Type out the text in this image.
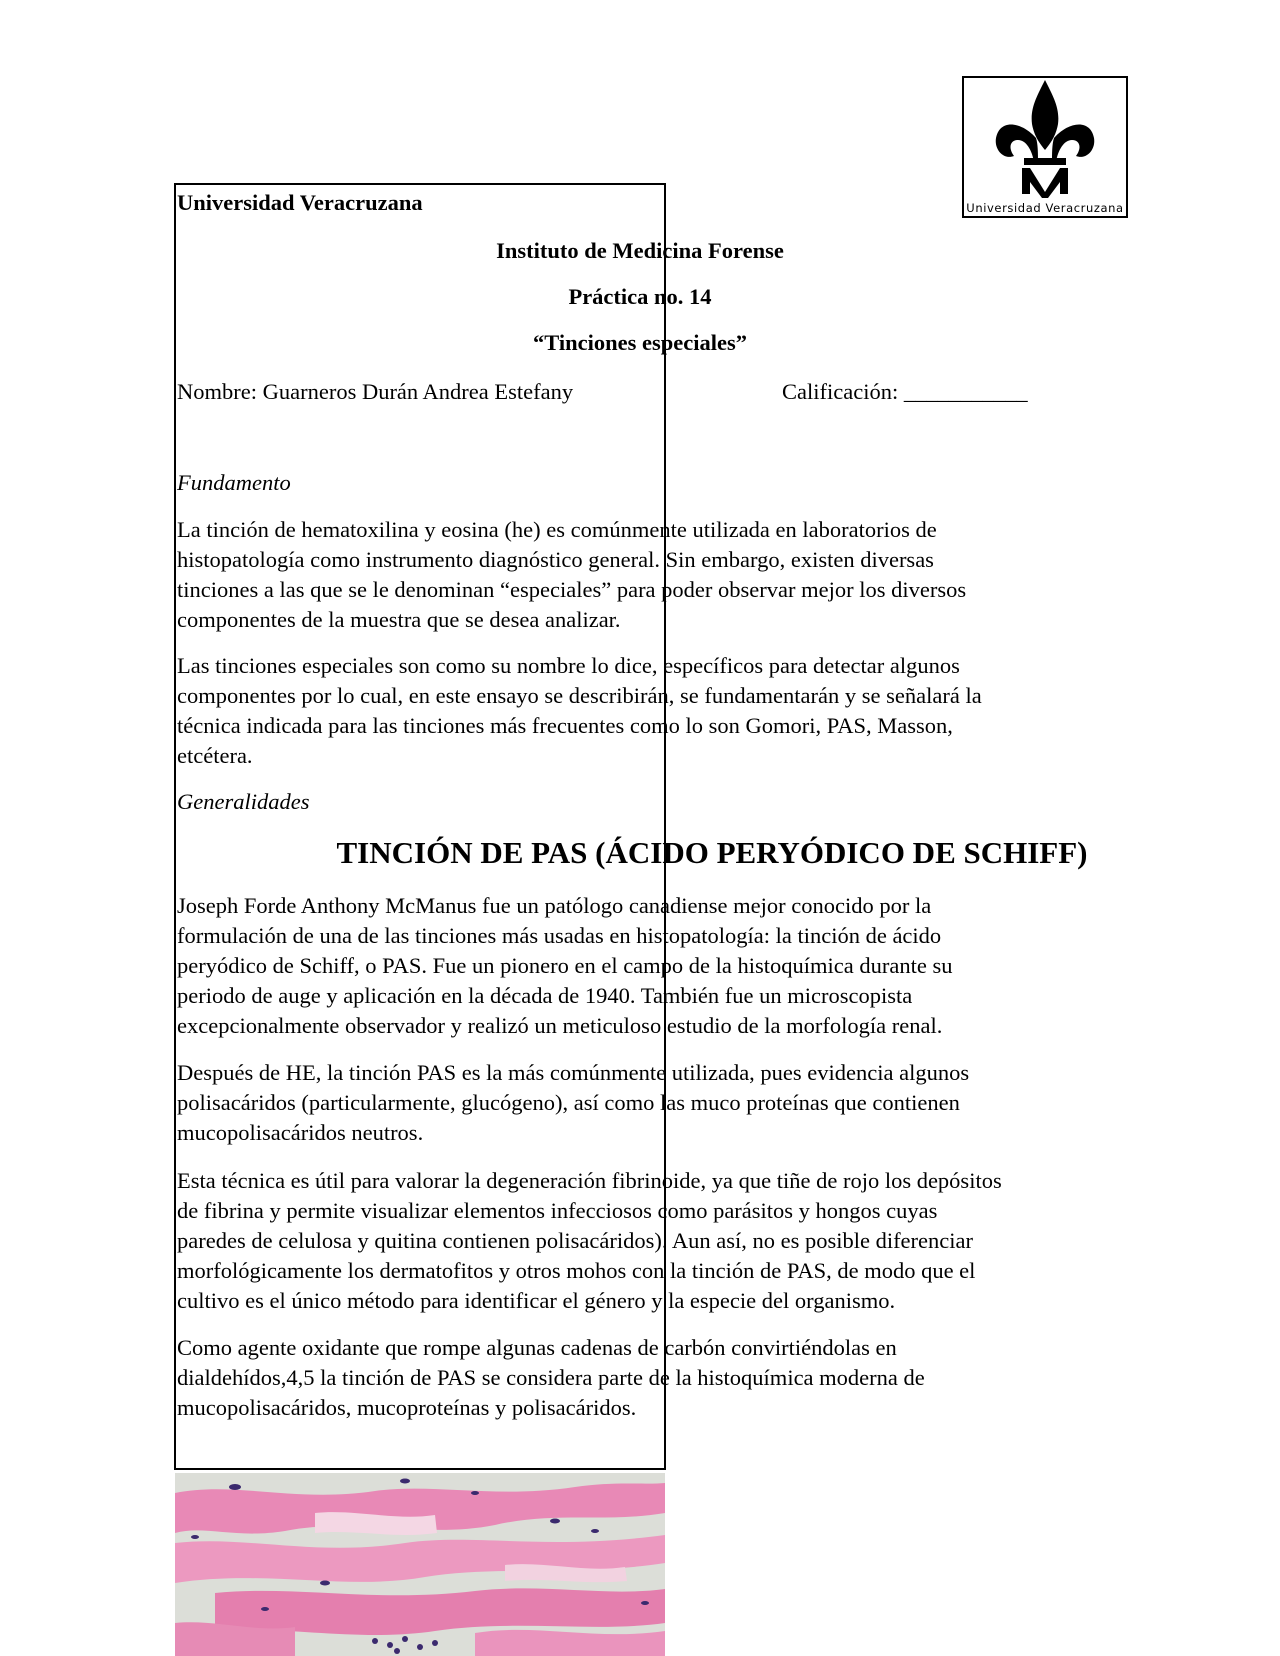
Universidad Veracruzana
Universidad Veracruzana
Instituto de Medicina Forense
Práctica no. 14
“Tinciones especiales”
Nombre: Guarneros Durán Andrea Estefany	Calificación: ___________
Fundamento
La tinción de hematoxilina y eosina (he) es comúnmente utilizada en laboratorios de
histopatología como instrumento diagnóstico general. Sin embargo, existen diversas
tinciones a las que se le denominan “especiales” para poder observar mejor los diversos
componentes de la muestra que se desea analizar.
Las tinciones especiales son como su nombre lo dice, específicos para detectar algunos
componentes por lo cual, en este ensayo se describirán, se fundamentarán y se señalará la
técnica indicada para las tinciones más frecuentes como lo son Gomori, PAS, Masson,
etcétera.
Generalidades
TINCIÓN DE PAS (ÁCIDO PERYÓDICO DE SCHIFF)
Joseph Forde Anthony McManus fue un patólogo canadiense mejor conocido por la
formulación de una de las tinciones más usadas en histopatología: la tinción de ácido
peryódico de Schiff, o PAS. Fue un pionero en el campo de la histoquímica durante su
periodo de auge y aplicación en la década de 1940. También fue un microscopista
excepcionalmente observador y realizó un meticuloso estudio de la morfología renal.
Después de HE, la tinción PAS es la más comúnmente utilizada, pues evidencia algunos
polisacáridos (particularmente, glucógeno), así como las muco proteínas que contienen
mucopolisacáridos neutros.
Esta técnica es útil para valorar la degeneración fibrinoide, ya que tiñe de rojo los depósitos
de fibrina y permite visualizar elementos infecciosos como parásitos y hongos cuyas
paredes de celulosa y quitina contienen polisacáridos). Aun así, no es posible diferenciar
morfológicamente los dermatofitos y otros mohos con la tinción de PAS, de modo que el
cultivo es el único método para identificar el género y la especie del organismo.
Como agente oxidante que rompe algunas cadenas de carbón convirtiéndolas en
dialdehídos,4,5 la tinción de PAS se considera parte de la histoquímica moderna de
mucopolisacáridos, mucoproteínas y polisacáridos.
